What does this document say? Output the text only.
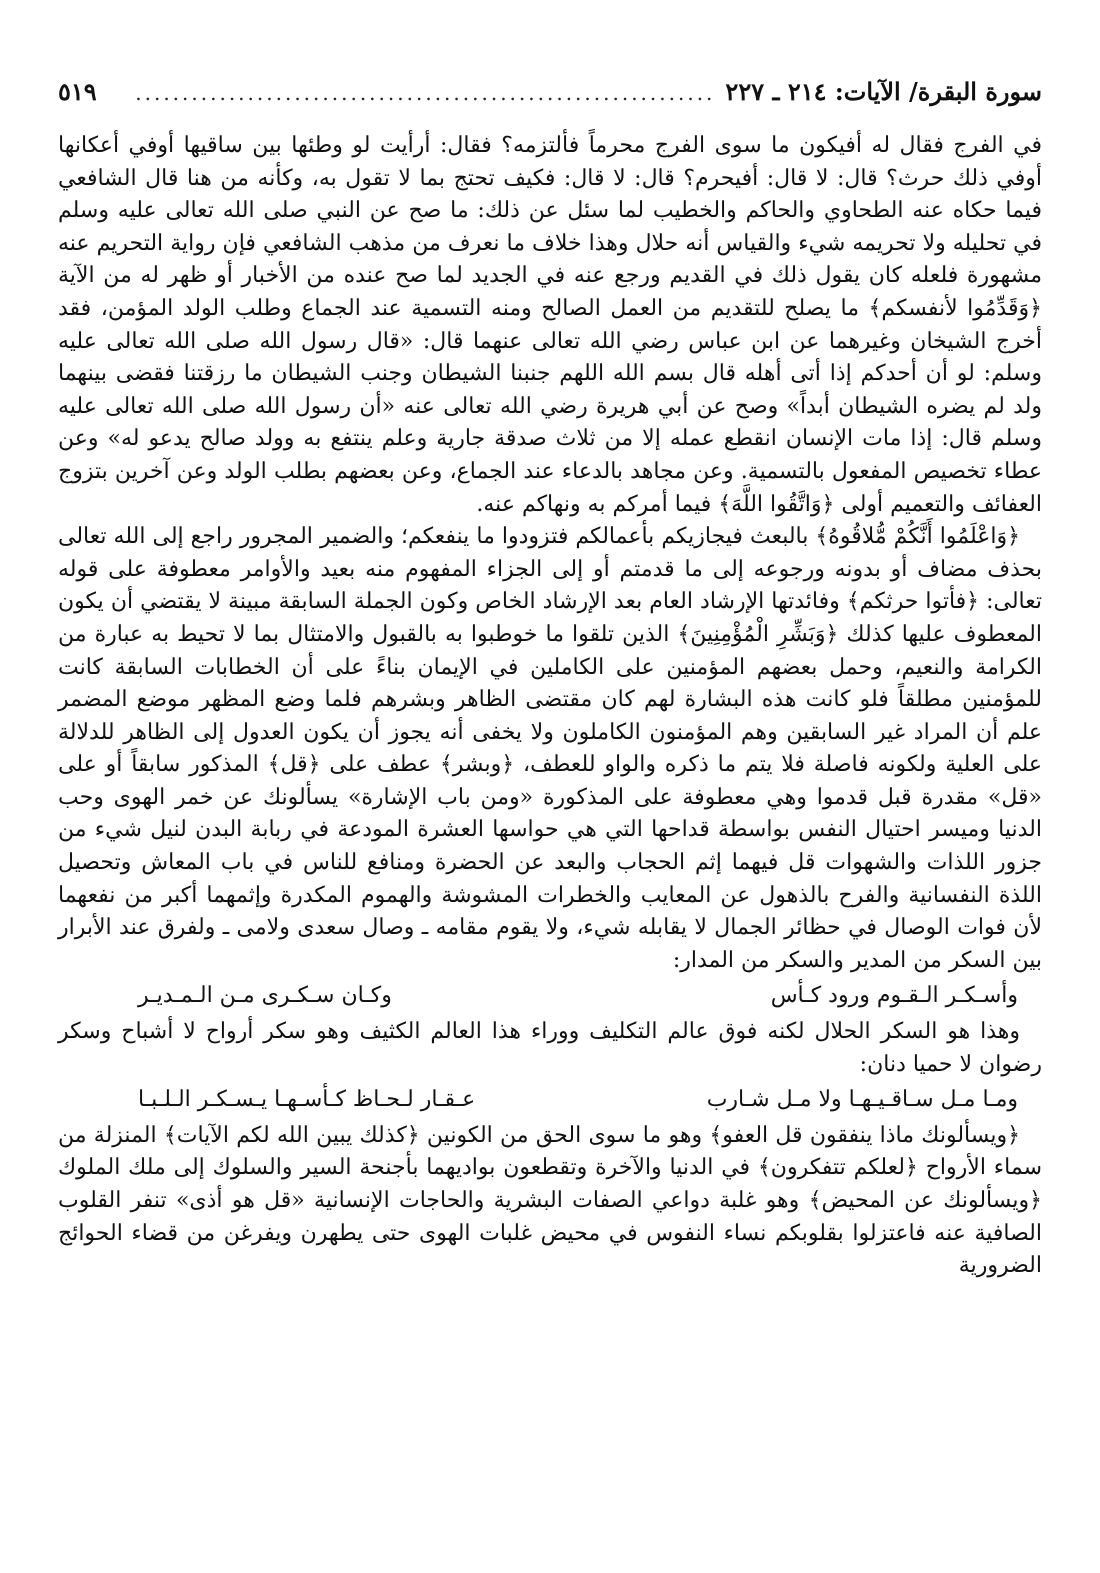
سورة البقرة/ الآيات: ٢١٤ ـ ٢٢٧
..............................................................
٥١٩

في الفرج فقال له أفيكون ما سوى الفرج محرماً فألتزمه؟ فقال: أرأيت لو وطئها بين ساقيها أوفي أعكانها أوفي ذلك حرث؟ قال: لا قال: أفيحرم؟ قال: لا قال: فكيف تحتج بما لا تقول به، وكأنه من هنا قال الشافعي فيما حكاه عنه الطحاوي والحاكم والخطيب لما سئل عن ذلك: ما صح عن النبي صلى الله تعالى عليه وسلم في تحليله ولا تحريمه شيء والقياس أنه حلال وهذا خلاف ما نعرف من مذهب الشافعي فإن رواية التحريم عنه مشهورة فلعله كان يقول ذلك في القديم ورجع عنه في الجديد لما صح عنده من الأخبار أو ظهر له من الآية ﴿وَقَدِّمُوا لأنفسكم﴾ ما يصلح للتقديم من العمل الصالح ومنه التسمية عند الجماع وطلب الولد المؤمن، فقد أخرج الشيخان وغيرهما عن ابن عباس رضي الله تعالى عنهما قال: «قال رسول الله صلى الله تعالى عليه وسلم: لو أن أحدكم إذا أتى أهله قال بسم الله اللهم جنبنا الشيطان وجنب الشيطان ما رزقتنا فقضى بينهما ولد لم يضره الشيطان أبداً» وصح عن أبي هريرة رضي الله تعالى عنه «أن رسول الله صلى الله تعالى عليه وسلم قال: إذا مات الإنسان انقطع عمله إلا من ثلاث صدقة جارية وعلم ينتفع به وولد صالح يدعو له» وعن عطاء تخصيص المفعول بالتسمية. وعن مجاهد بالدعاء عند الجماع، وعن بعضهم بطلب الولد وعن آخرين بتزوج العفائف والتعميم أولى ﴿وَاتَّقُوا اللَّهَ﴾ فيما أمركم به ونهاكم عنه.

﴿وَاعْلَمُوا أَنَّكُمْ مُّلاقُوهُ﴾ بالبعث فيجازيكم بأعمالكم فتزودوا ما ينفعكم؛ والضمير المجرور راجع إلى الله تعالى بحذف مضاف أو بدونه ورجوعه إلى ما قدمتم أو إلى الجزاء المفهوم منه بعيد والأوامر معطوفة على قوله تعالى: ﴿فأتوا حرثكم﴾ وفائدتها الإرشاد العام بعد الإرشاد الخاص وكون الجملة السابقة مبينة لا يقتضي أن يكون المعطوف عليها كذلك ﴿وَبَشِّرِ الْمُؤْمِنِينَ﴾ الذين تلقوا ما خوطبوا به بالقبول والامتثال بما لا تحيط به عبارة من الكرامة والنعيم، وحمل بعضهم المؤمنين على الكاملين في الإيمان بناءً على أن الخطابات السابقة كانت للمؤمنين مطلقاً فلو كانت هذه البشارة لهم كان مقتضى الظاهر وبشرهم فلما وضع المظهر موضع المضمر علم أن المراد غير السابقين وهم المؤمنون الكاملون ولا يخفى أنه يجوز أن يكون العدول إلى الظاهر للدلالة على العلية ولكونه فاصلة فلا يتم ما ذكره والواو للعطف، ﴿وبشر﴾ عطف على ﴿قل﴾ المذكور سابقاً أو على «قل» مقدرة قبل قدموا وهي معطوفة على المذكورة «ومن باب الإشارة» يسألونك عن خمر الهوى وحب الدنيا وميسر احتيال النفس بواسطة قداحها التي هي حواسها العشرة المودعة في ربابة البدن لنيل شيء من جزور اللذات والشهوات قل فيهما إثم الحجاب والبعد عن الحضرة ومنافع للناس في باب المعاش وتحصيل اللذة النفسانية والفرح بالذهول عن المعايب والخطرات المشوشة والهموم المكدرة وإثمهما أكبر من نفعهما لأن فوات الوصال في حظائر الجمال لا يقابله شيء، ولا يقوم مقامه ـ وصال سعدى ولامى ـ ولفرق عند الأبرار بين السكر من المدير والسكر من المدار:

وأسـكـر الـقـوم ورود كـأس
وكـان سـكـرى مـن الـمـديـر

وهذا هو السكر الحلال لكنه فوق عالم التكليف ووراء هذا العالم الكثيف وهو سكر أرواح لا أشباح وسكر رضوان لا حميا دنان:

ومـا مـل سـاقـيـهـا ولا مـل شـارب
عـقـار لـحـاظ كـأسـهـا يـسـكـر الـلـبـا

﴿ويسألونك ماذا ينفقون قل العفو﴾ وهو ما سوى الحق من الكونين ﴿كذلك يبين الله لكم الآيات﴾ المنزلة من سماء الأرواح ﴿لعلكم تتفكرون﴾ في الدنيا والآخرة وتقطعون بواديهما بأجنحة السير والسلوك إلى ملك الملوك ﴿ويسألونك عن المحيض﴾ وهو غلبة دواعي الصفات البشرية والحاجات الإنسانية «قل هو أذى» تنفر القلوب الصافية عنه فاعتزلوا بقلوبكم نساء النفوس في محيض غلبات الهوى حتى يطهرن ويفرغن من قضاء الحوائج الضرورية
